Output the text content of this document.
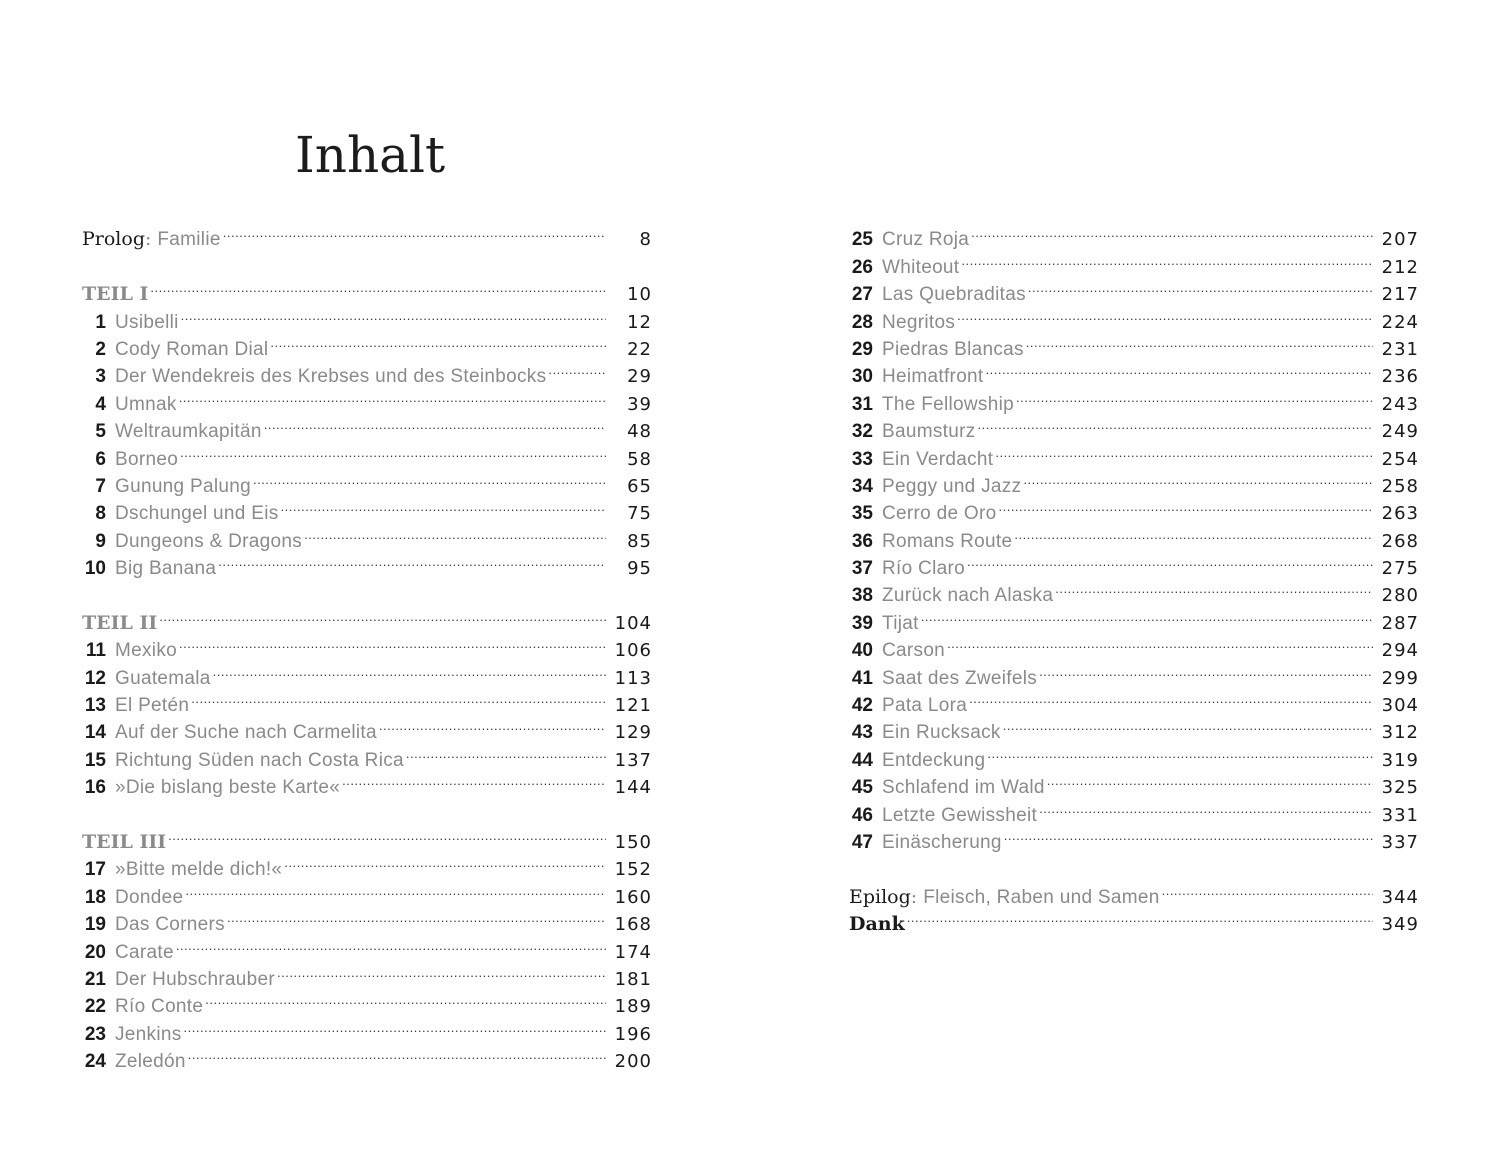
Inhalt
Prolog : Familie .....	8
TEIL I .....	10
1 Usibelli .....	12
2 Cody Roman Dial .....	22
3 Der Wendekreis des Krebses und des Steinbocks .....	29
4 Umnak .....	39
5 Weltraumkapitän .....	48
6 Borneo .....	58
7 Gunung Palung .....	65
8 Dschungel und Eis .....	75
9 Dungeons & Dragons .....	85
10 Big Banana .....	95
TEIL II .....	104
11 Mexiko .....	106
12 Guatemala .....	113
13 El Petén .....	121
14 Auf der Suche nach Carmelita .....	129
15 Richtung Süden nach Costa Rica .....	137
16 »Die bislang beste Karte« .....	144
TEIL III .....	150
17 »Bitte melde dich!« .....	152
18 Dondee .....	160
19 Das Corners .....	168
20 Carate .....	174
21 Der Hubschrauber .....	181
22 Río Conte .....	189
23 Jenkins .....	196
24 Zeledón .....	200
25 Cruz Roja .....	207
26 Whiteout .....	212
27 Las Quebraditas .....	217
28 Negritos .....	224
29 Piedras Blancas .....	231
30 Heimatfront .....	236
31 The Fellowship .....	243
32 Baumsturz .....	249
33 Ein Verdacht .....	254
34 Peggy und Jazz .....	258
35 Cerro de Oro .....	263
36 Romans Route .....	268
37 Río Claro .....	275
38 Zurück nach Alaska .....	280
39 Tijat .....	287
40 Carson .....	294
41 Saat des Zweifels .....	299
42 Pata Lora .....	304
43 Ein Rucksack .....	312
44 Entdeckung .....	319
45 Schlafend im Wald .....	325
46 Letzte Gewissheit .....	331
47 Einäscherung .....	337
Epilog : Fleisch, Raben und Samen .....	344
Dank .....	349
